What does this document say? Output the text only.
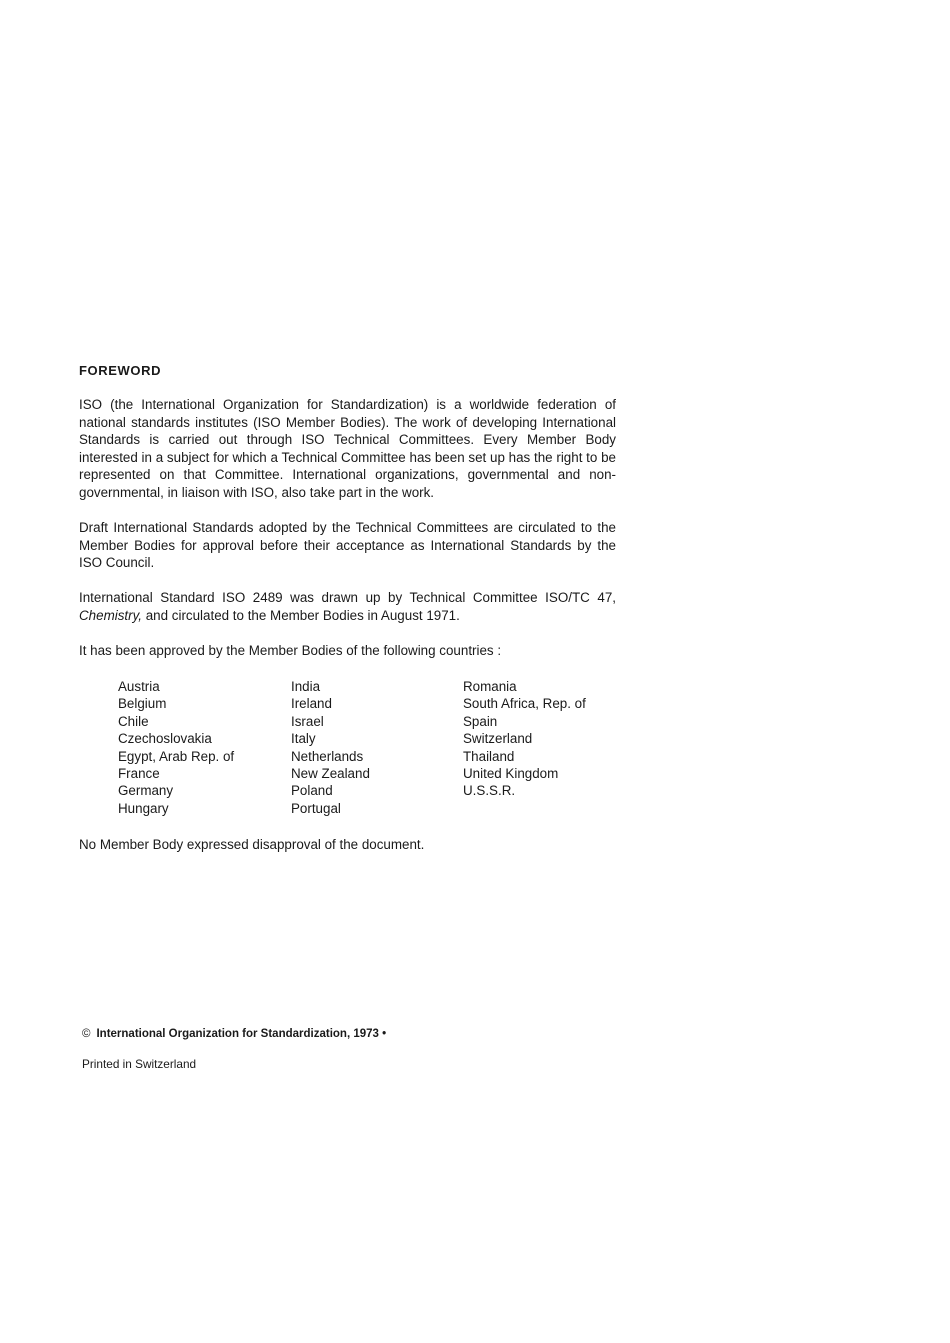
FOREWORD

ISO (the International Organization for Standardization) is a worldwide federation of national standards institutes (ISO Member Bodies). The work of developing International Standards is carried out through ISO Technical Committees. Every Member Body interested in a subject for which a Technical Committee has been set up has the right to be represented on that Committee. International organizations, governmental and non-governmental, in liaison with ISO, also take part in the work.

Draft International Standards adopted by the Technical Committees are circulated to the Member Bodies for approval before their acceptance as International Standards by the ISO Council.

International Standard ISO 2489 was drawn up by Technical Committee ISO/TC 47, Chemistry, and circulated to the Member Bodies in August 1971.

It has been approved by the Member Bodies of the following countries :

Austria
Belgium
Chile
Czechoslovakia
Egypt, Arab Rep. of
France
Germany
Hungary
India
Ireland
Israel
Italy
Netherlands
New Zealand
Poland
Portugal
Romania
South Africa, Rep. of
Spain
Switzerland
Thailand
United Kingdom
U.S.S.R.

No Member Body expressed disapproval of the document.

© International Organization for Standardization, 1973 •
Printed in Switzerland
